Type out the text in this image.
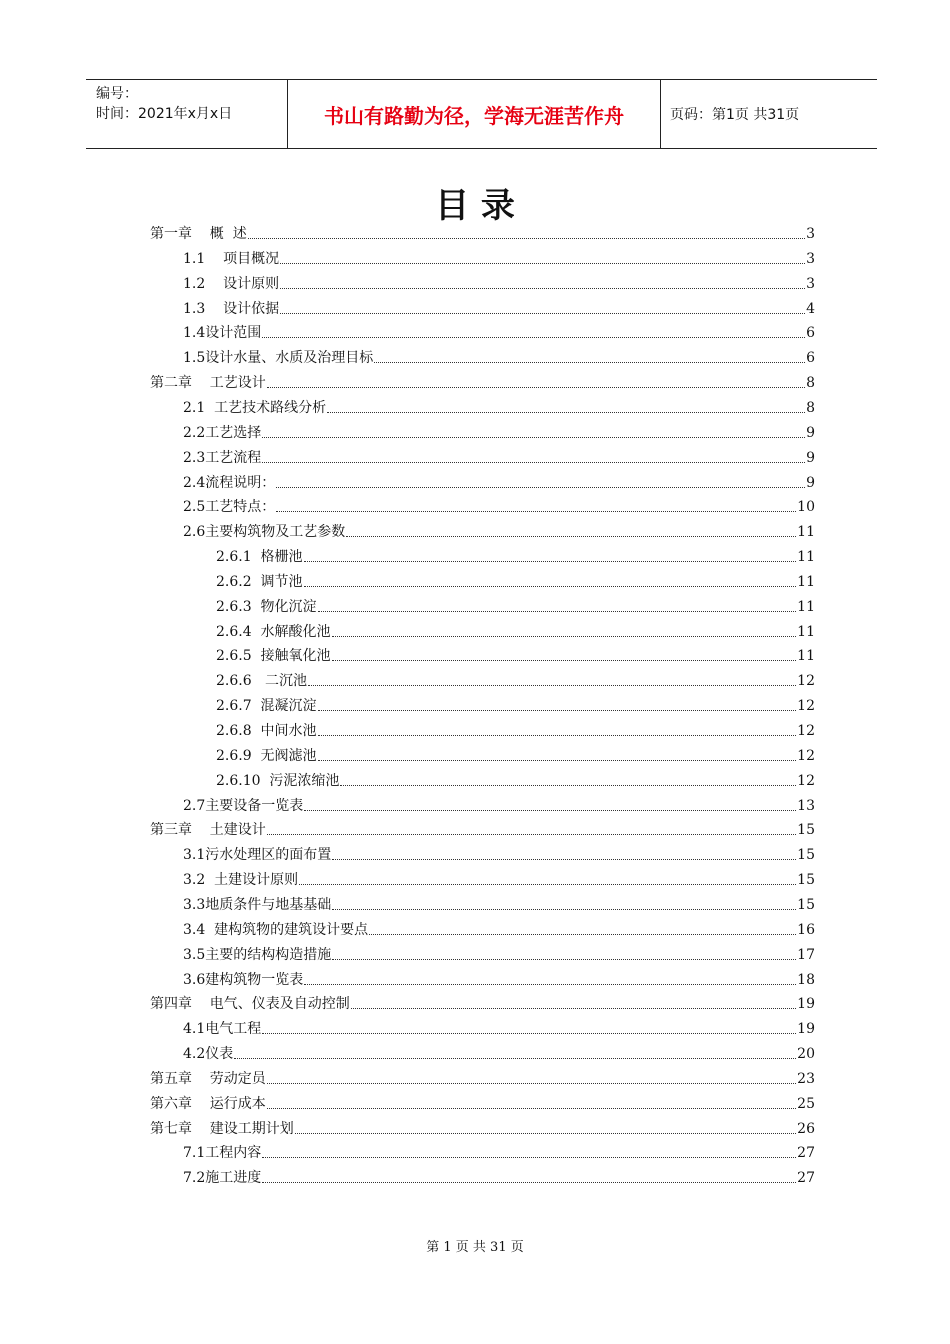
编号：
时间：2021年x月x日	书山有路勤为径，学海无涯苦作舟	页码：第1页 共31页
目 录
第一章    概  述	3
1.1    项目概况	3
1.2    设计原则	3
1.3    设计依据	4
1.4设计范围	6
1.5设计水量、水质及治理目标	6
第二章    工艺设计	8
2.1  工艺技术路线分析	8
2.2工艺选择	9
2.3工艺流程	9
2.4流程说明：	9
2.5工艺特点：	10
2.6主要构筑物及工艺参数	11
2.6.1  格栅池	11
2.6.2  调节池	11
2.6.3  物化沉淀	11
2.6.4  水解酸化池	11
2.6.5  接触氧化池	11
2.6.6   二沉池	12
2.6.7  混凝沉淀	12
2.6.8  中间水池	12
2.6.9  无阀滤池	12
2.6.10  污泥浓缩池	12
2.7主要设备一览表	13
第三章    土建设计	15
3.1污水处理区的面布置	15
3.2  土建设计原则	15
3.3地质条件与地基基础	15
3.4  建构筑物的建筑设计要点	16
3.5主要的结构构造措施	17
3.6建构筑物一览表	18
第四章    电气、仪表及自动控制	19
4.1电气工程	19
4.2仪表	20
第五章    劳动定员	23
第六章    运行成本	25
第七章    建设工期计划	26
7.1工程内容	27
7.2施工进度	27
第 1 页 共 31 页
